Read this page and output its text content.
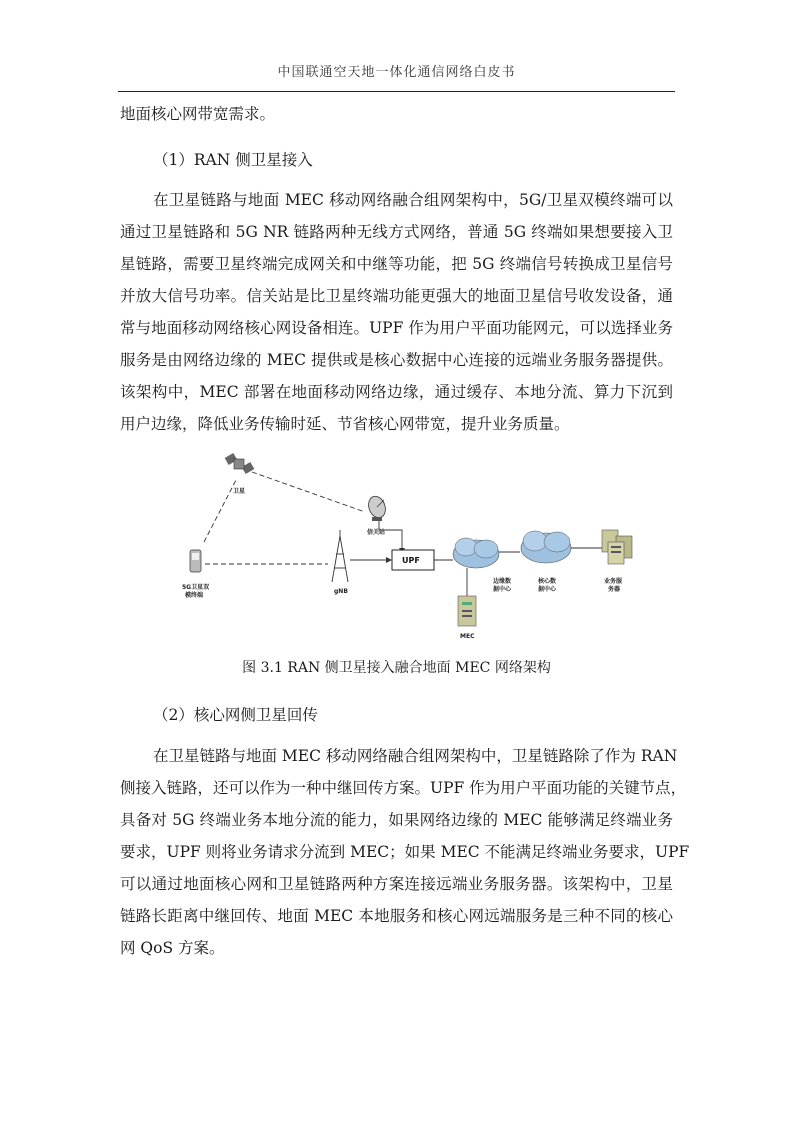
中国联通空天地一体化通信网络白皮书
地面核心网带宽需求。
（1）RAN 侧卫星接入
在卫星链路与地面 MEC 移动网络融合组网架构中，5G/卫星双模终端可以
通过卫星链路和 5G NR 链路两种无线方式网络，普通 5G 终端如果想要接入卫
星链路，需要卫星终端完成网关和中继等功能，把 5G 终端信号转换成卫星信号
并放大信号功率。信关站是比卫星终端功能更强大的地面卫星信号收发设备，通
常与地面移动网络核心网设备相连。UPF 作为用户平面功能网元，可以选择业务
服务是由网络边缘的 MEC 提供或是核心数据中心连接的远端业务服务器提供。
该架构中，MEC 部署在地面移动网络边缘，通过缓存、本地分流、算力下沉到
用户边缘，降低业务传输时延、节省核心网带宽，提升业务质量。
卫星
信关站
5G卫星双
模终端
gNB
UPF
边缘数
据中心
核心数
据中心
业务服
务器
MEC
图 3.1 RAN 侧卫星接入融合地面 MEC 网络架构
（2）核心网侧卫星回传
在卫星链路与地面 MEC 移动网络融合组网架构中，卫星链路除了作为 RAN
侧接入链路，还可以作为一种中继回传方案。UPF 作为用户平面功能的关键节点，
具备对 5G 终端业务本地分流的能力，如果网络边缘的 MEC 能够满足终端业务
要求，UPF 则将业务请求分流到 MEC；如果 MEC 不能满足终端业务要求，UPF
可以通过地面核心网和卫星链路两种方案连接远端业务服务器。该架构中，卫星
链路长距离中继回传、地面 MEC 本地服务和核心网远端服务是三种不同的核心
网 QoS 方案。
